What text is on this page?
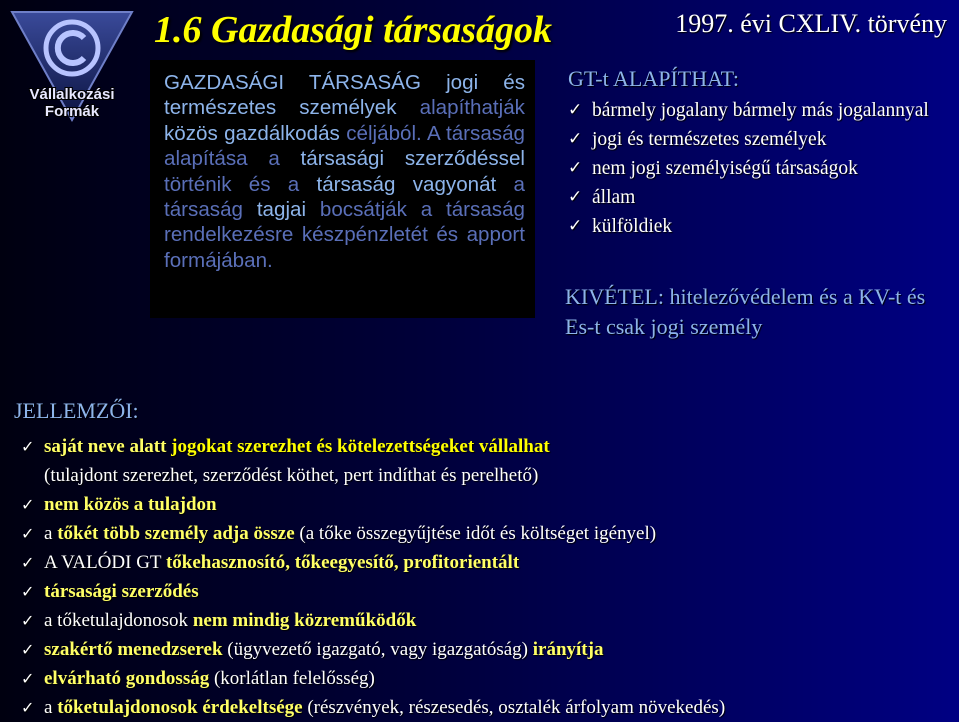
Vállalkozási
Formák
1.6 Gazdasági társaságok	1997. évi CXLIV. törvény

GAZDASÁGI TÁRSASÁG jogi és természetes személyek alapíthatják közös gazdálkodás céljából. A társaság alapítása a társasági szerződéssel történik és a társaság vagyonát a társaság tagjai bocsátják a társaság rendelkezésre készpénzletét és apport formájában.

GT-t ALAPÍTHAT:
✓ bármely jogalany bármely más jogalannyal
✓ jogi és természetes személyek
✓ nem jogi személyiségű társaságok
✓ állam
✓ külföldiek
KIVÉTEL: hitelezővédelem és a KV-t és Es-t csak jogi személy
JELLEMZŐI:
✓ saját neve alatt jogokat szerezhet és kötelezettségeket vállalhat
(tulajdont szerezhet, szerződést köthet, pert indíthat és perelhető)
✓ nem közös a tulajdon
✓ a tőkét több személy adja össze (a tőke összegyűjtése időt és költséget igényel)
✓ A VALÓDI GT tőkehasznosító, tőkeegyesítő, profitorientált
✓ társasági szerződés
✓ a tőketulajdonosok nem mindig közreműködők
✓ szakértő menedzserek (ügyvezető igazgató, vagy igazgatóság) irányítja
✓ elvárható gondosság (korlátlan felelősség)
✓ a tőketulajdonosok érdekeltsége (részvények, részesedés, osztalék árfolyam növekedés)
